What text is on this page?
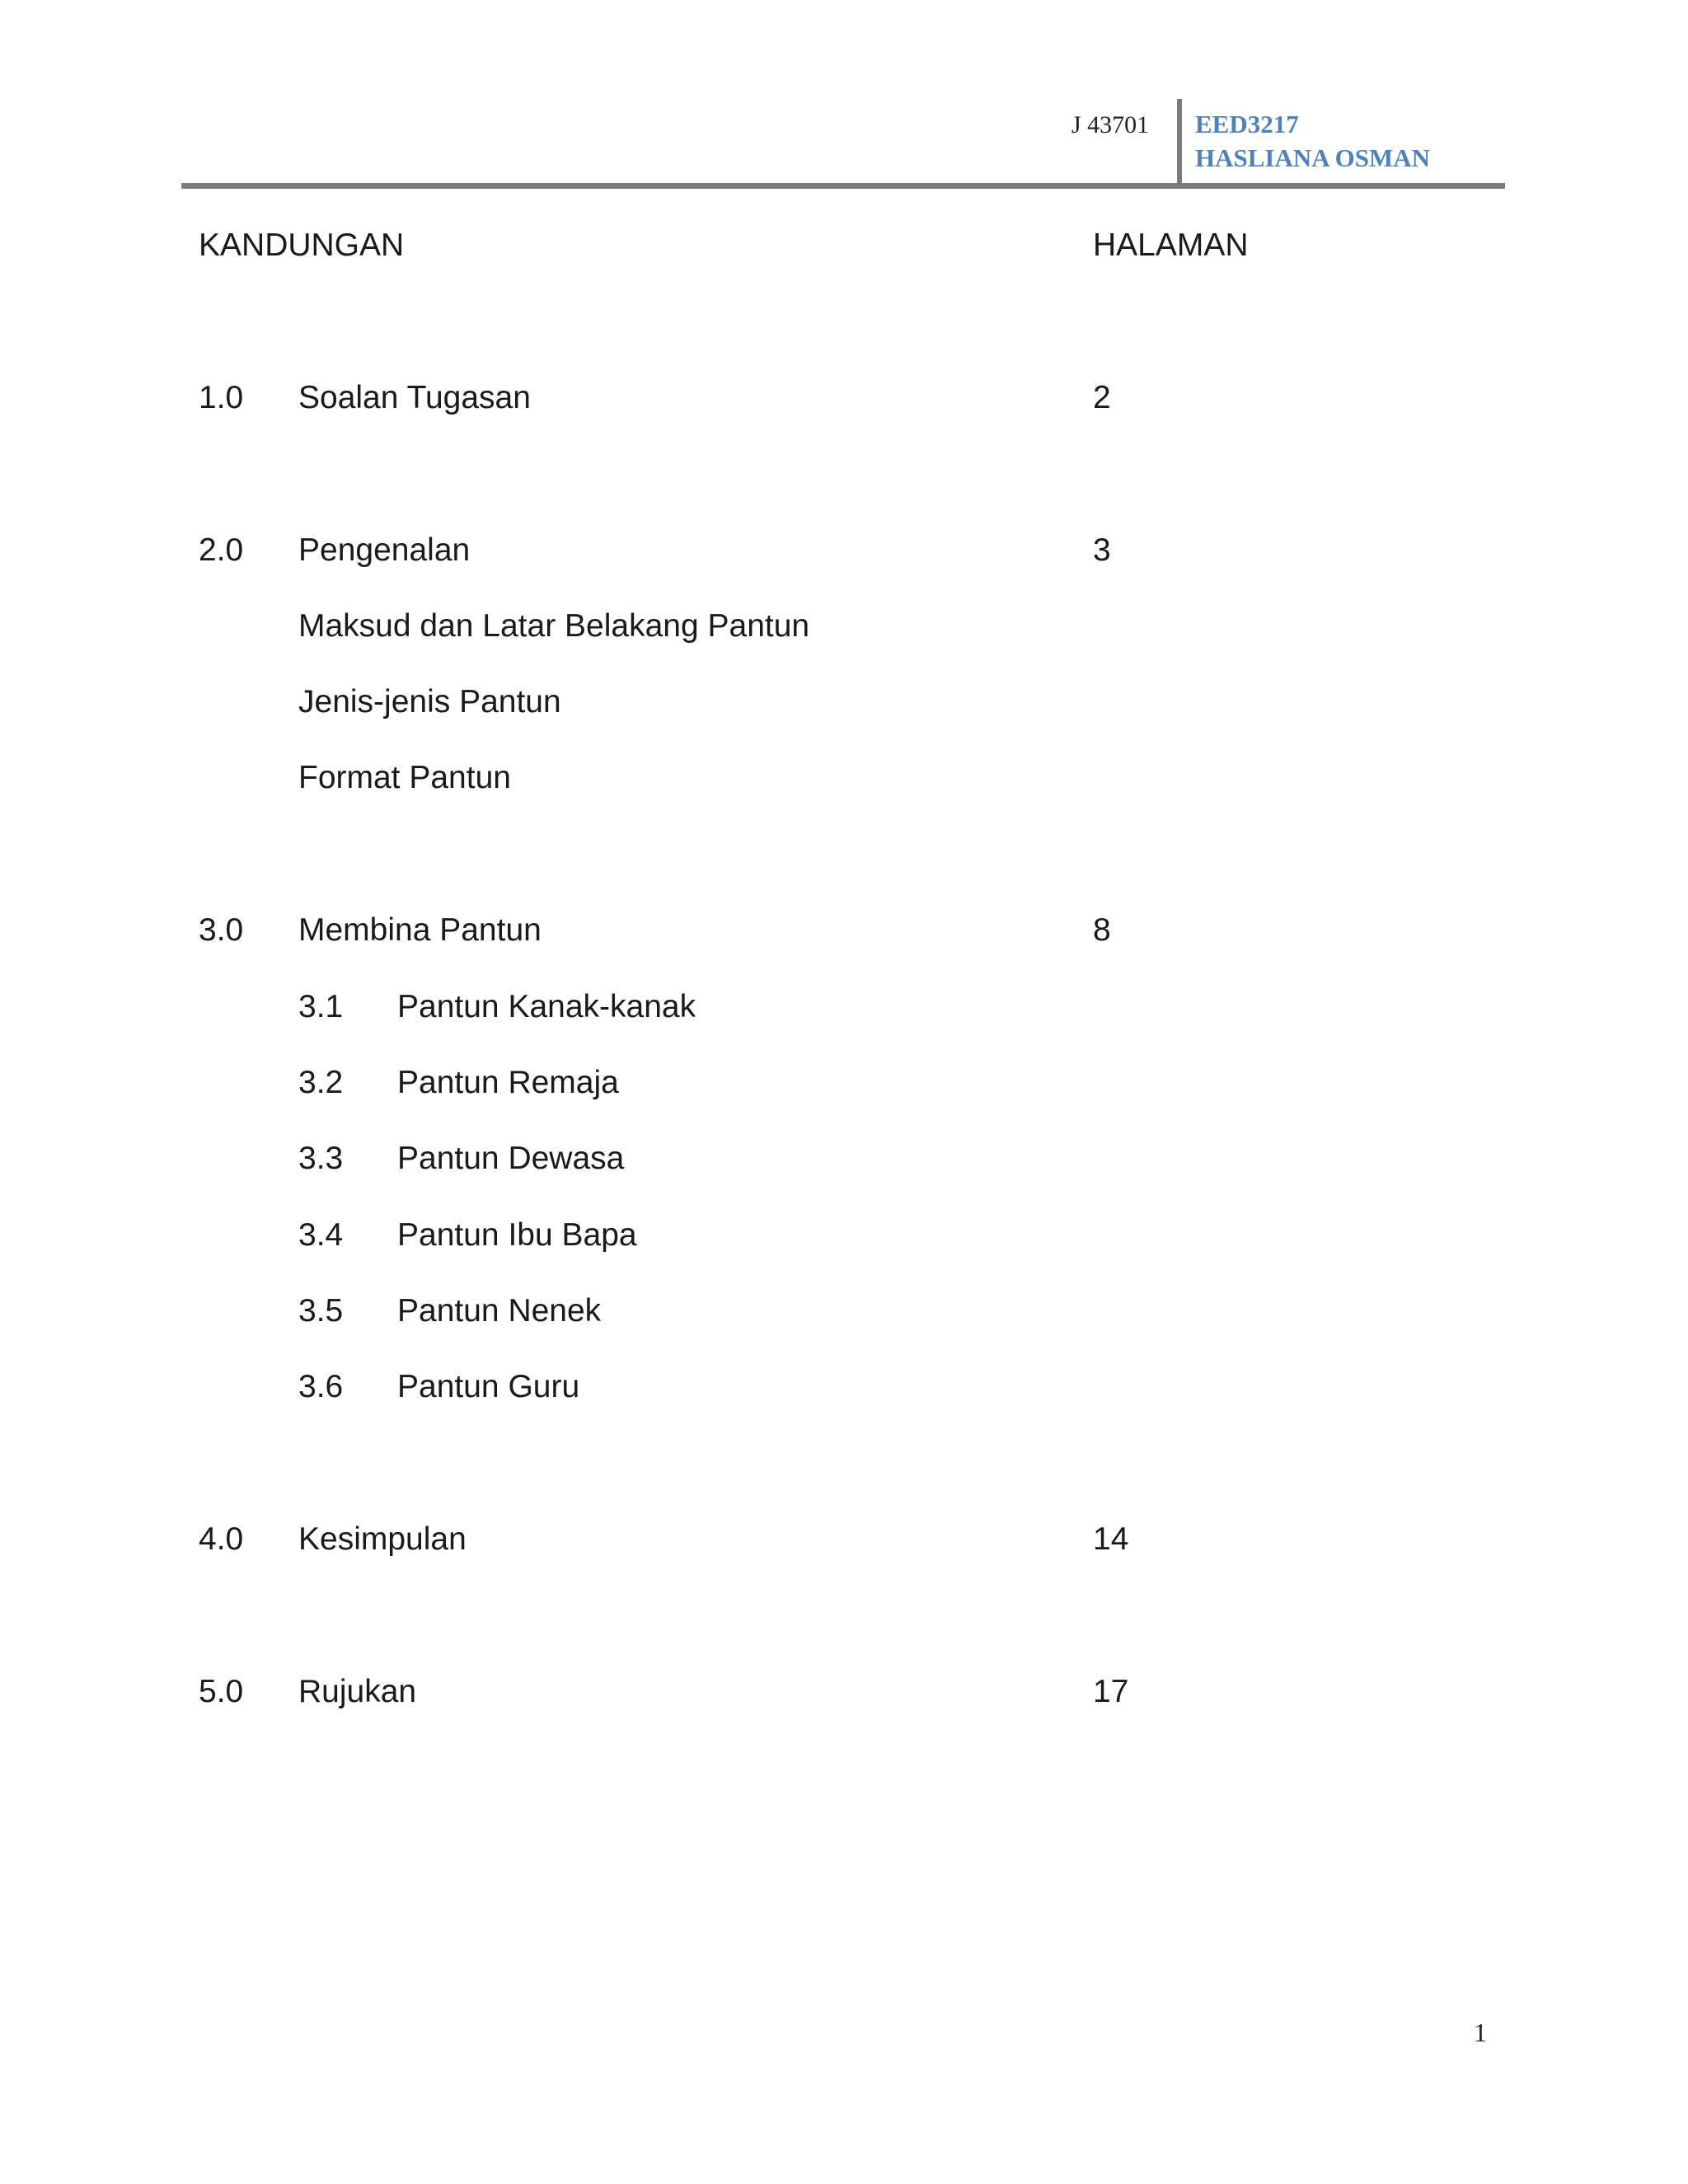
J 43701 EED3217
HASLIANA OSMAN
KANDUNGAN	HALAMAN
1.0 Soalan Tugasan	2
2.0 Pengenalan	3
Maksud dan Latar Belakang Pantun
Jenis-jenis Pantun
Format Pantun
3.0 Membina Pantun	8
3.1 Pantun Kanak-kanak
3.2 Pantun Remaja
3.3 Pantun Dewasa
3.4 Pantun Ibu Bapa
3.5 Pantun Nenek
3.6 Pantun Guru
4.0 Kesimpulan	14
5.0 Rujukan	17
1
